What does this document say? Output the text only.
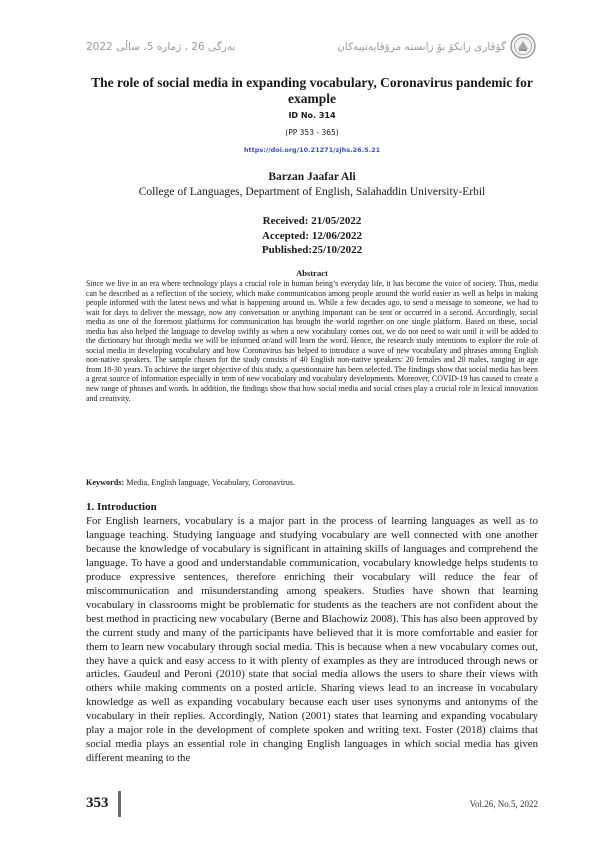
بەرگی 26 ، ژمارە 5، ساڵی 2022	گۆڤاری زانکۆ بۆ زانستە مرۆڤایەتییەکان
The role of social media in expanding vocabulary, Coronavirus pandemic for example
ID No. 314
(PP 353 - 365)
https://doi.org/10.21271/zjhs.26.5.21
Barzan Jaafar Ali
College of Languages, Department of English, Salahaddin University-Erbil
Received: 21/05/2022
Accepted: 12/06/2022
Published:25/10/2022
Abstract

Since we live in an era where technology plays a crucial role in human being’s everyday life, it has become the voice of society. Thus, media can be described as a reflection of the society, which make communication among people around the world easier as well as helps in making people informed with the latest news and what is happening around us. While a few decades ago, to send a message to someone, we had to wait for days to deliver the message, now any conversation or anything important can be sent or occurred in a second. Accordingly, social media as one of the foremost platforms for communication has brought the world together on one single platform. Based on these, social media has also helped the language to develop swiftly as when a new vocabulary comes out, we do not need to wait until it will be added to the dictionary but through media we will be informed or/and will learn the word. Hence, the research study intentions to explore the role of social media in developing vocabulary and how Coronavirus has helped to introduce a wave of new vocabulary and phrases among English non-native speakers. The sample chosen for the study consists of 40 English non-native speakers: 20 females and 20 males, ranging in age from 18-30 years. To achieve the target objective of this study, a questionnaire has been selected. The findings show that social media has been a great source of information especially in term of new vocabulary and vocabulary developments. Moreover, COVID-19 has caused to create a new range of phrases and words. In addition, the findings show that how social media and social crises play a crucial role in lexical innovation and creativity.

Keywords: Media, English language, Vocabulary, Coronavirus.

1. Introduction

For English learners, vocabulary is a major part in the process of learning languages as well as to language teaching. Studying language and studying vocabulary are well connected with one another because the knowledge of vocabulary is significant in attaining skills of languages and comprehend the language. To have a good and understandable communication, vocabulary knowledge helps students to produce expressive sentences, therefore enriching their vocabulary will reduce the fear of miscommunication and misunderstanding among speakers. Studies have shown that learning vocabulary in classrooms might be problematic for students as the teachers are not confident about the best method in practicing new vocabulary (Berne and Blachowiz 2008). This has also been approved by the current study and many of the participants have believed that it is more comfortable and easier for them to learn new vocabulary through social media. This is because when a new vocabulary comes out, they have a quick and easy access to it with plenty of examples as they are introduced through news or articles. Gaudeul and Peroni (2010) state that social media allows the users to share their views with others while making comments on a posted article. Sharing views lead to an increase in vocabulary knowledge as well as expanding vocabulary because each user uses synonyms and antonyms of the vocabulary in their replies. Accordingly, Nation (2001) states that learning and expanding vocabulary play a major role in the development of complete spoken and writing text. Foster (2018) claims that social media plays an essential role in changing English languages in which social media has given different meaning to the

353	Vol.26, No.5, 2022
